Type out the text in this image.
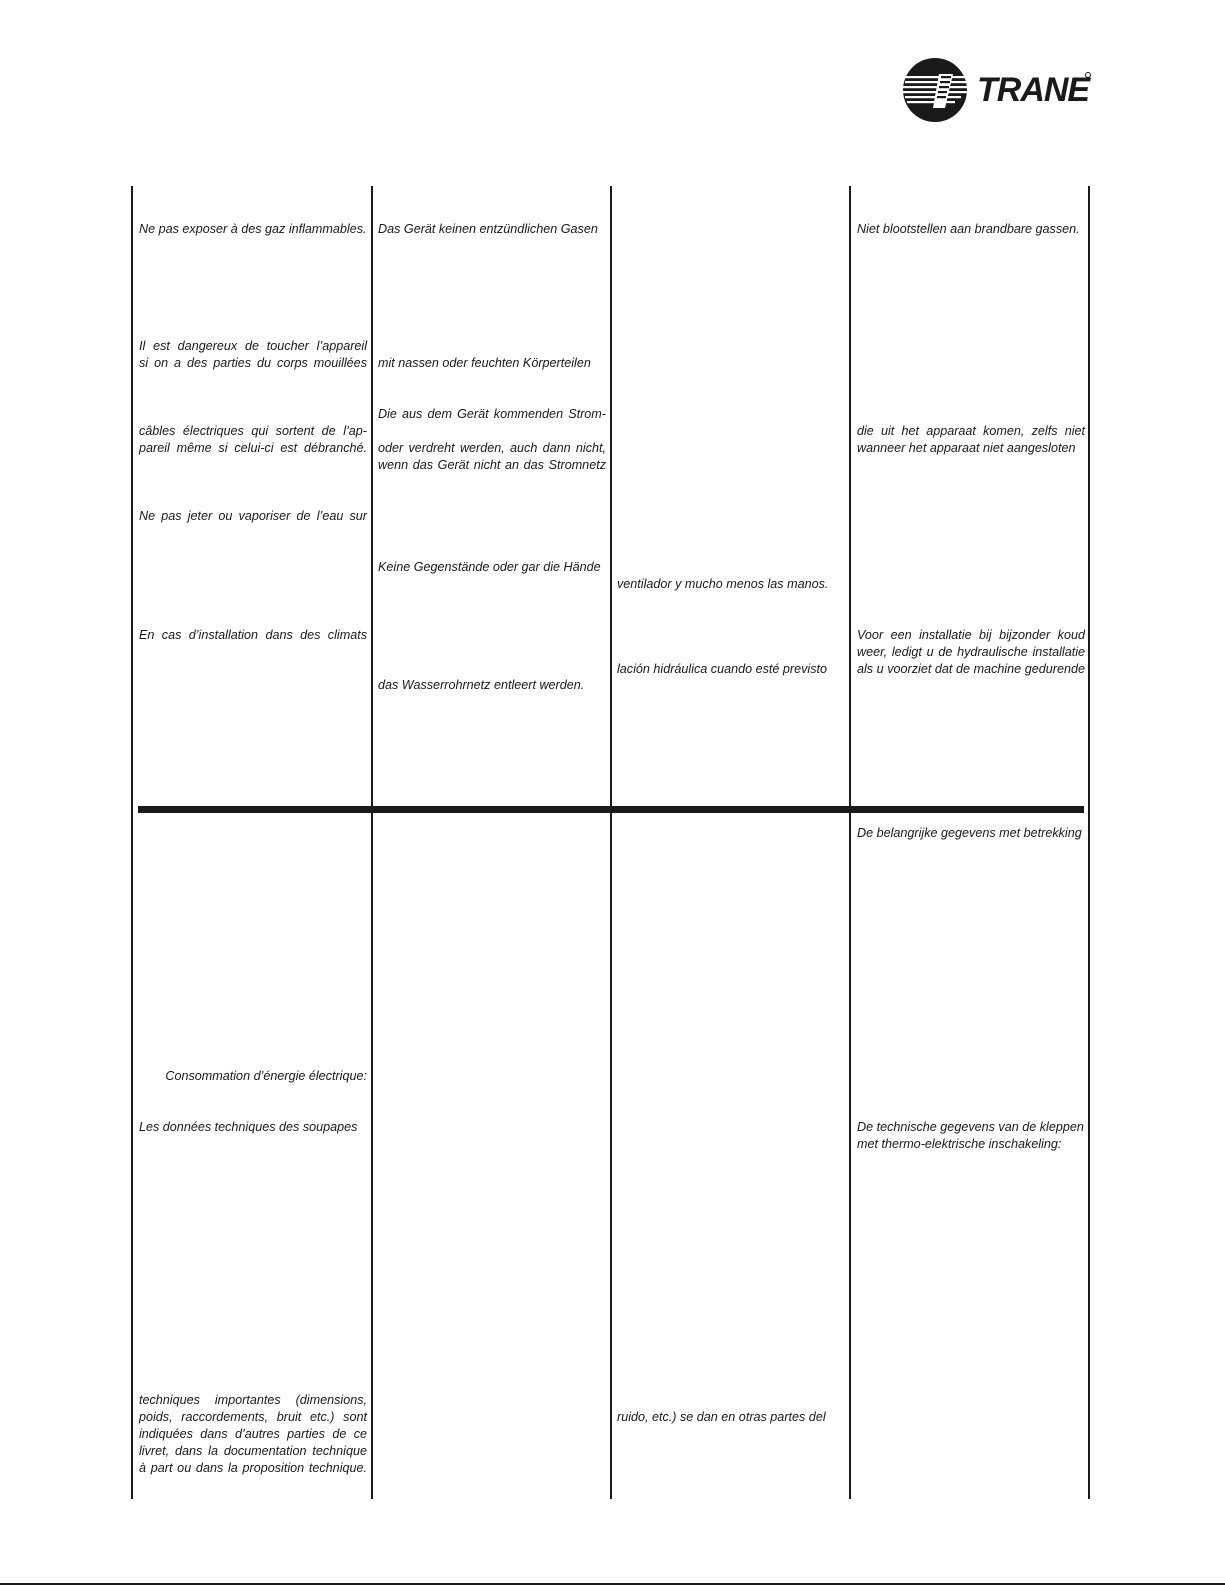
TRANE
Ne pas exposer à des gaz inflammables.
Il est dangereux de toucher l’appareil
si on a des parties du corps mouillées
câbles électriques qui sortent de l’ap-
pareil même si celui-ci est débranché.
Ne pas jeter ou vaporiser de l’eau sur
En cas d’installation dans des climats
Consommation d’énergie électrique:
Les données techniques des soupapes
techniques importantes (dimensions,
poids, raccordements, bruit etc.) sont
indiquées dans d’autres parties de ce
livret, dans la documentation technique
à part ou dans la proposition technique.
Das Gerät keinen entzündlichen Gasen
mit nassen oder feuchten Körperteilen
Die aus dem Gerät kommenden Strom-
oder verdreht werden, auch dann nicht,
wenn das Gerät nicht an das Stromnetz
Keine Gegenstände oder gar die Hände
das Wasserrohrnetz entleert werden.
ventilador y mucho menos las manos.
lación hidráulica cuando esté previsto
ruido, etc.) se dan en otras partes del
Niet blootstellen aan brandbare gassen.
die uit het apparaat komen, zelfs niet
wanneer het apparaat niet aangesloten
Voor een installatie bij bijzonder koud
weer, ledigt u de hydraulische installatie
als u voorziet dat de machine gedurende
De belangrijke gegevens met betrekking
De technische gegevens van de kleppen
met thermo-elektrische inschakeling:
